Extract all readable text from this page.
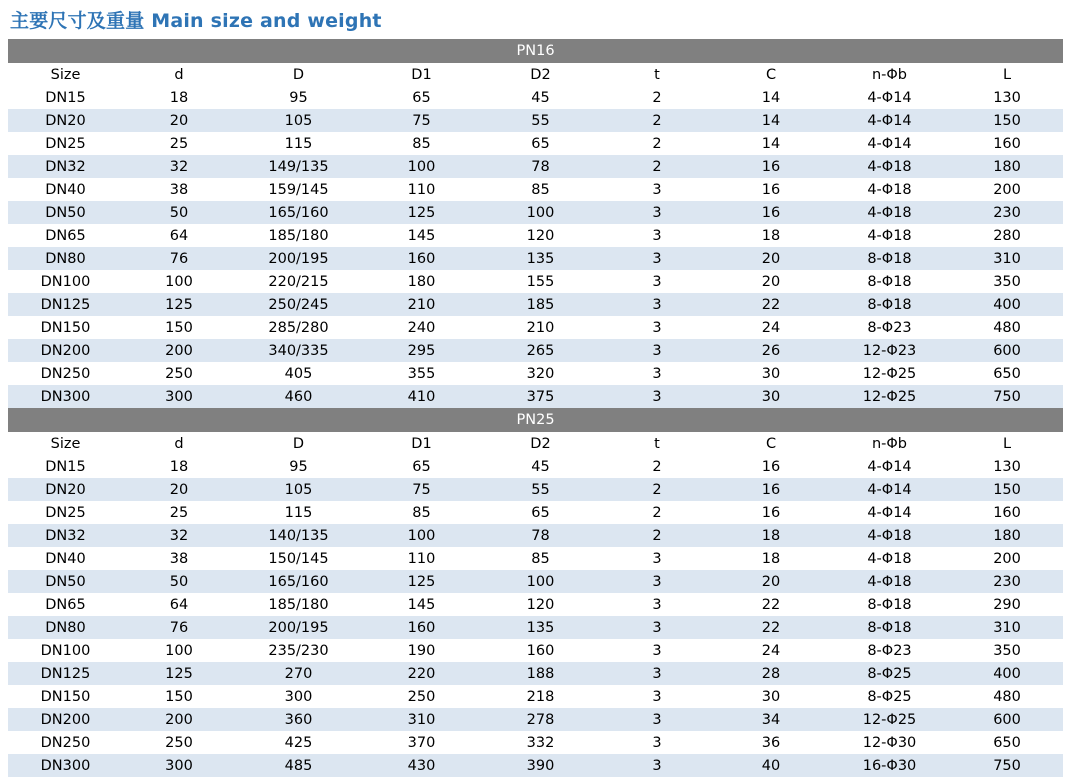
主要尺寸及重量 Main size and weight
PN16								
Size	d	D	D1	D2	t	C	n-Φb	L
DN15	18	95	65	45	2	14	4-Φ14	130
DN20	20	105	75	55	2	14	4-Φ14	150
DN25	25	115	85	65	2	14	4-Φ14	160
DN32	32	149/135	100	78	2	16	4-Φ18	180
DN40	38	159/145	110	85	3	16	4-Φ18	200
DN50	50	165/160	125	100	3	16	4-Φ18	230
DN65	64	185/180	145	120	3	18	4-Φ18	280
DN80	76	200/195	160	135	3	20	8-Φ18	310
DN100	100	220/215	180	155	3	20	8-Φ18	350
DN125	125	250/245	210	185	3	22	8-Φ18	400
DN150	150	285/280	240	210	3	24	8-Φ23	480
DN200	200	340/335	295	265	3	26	12-Φ23	600
DN250	250	405	355	320	3	30	12-Φ25	650
DN300	300	460	410	375	3	30	12-Φ25	750
PN25								
Size	d	D	D1	D2	t	C	n-Φb	L
DN15	18	95	65	45	2	16	4-Φ14	130
DN20	20	105	75	55	2	16	4-Φ14	150
DN25	25	115	85	65	2	16	4-Φ14	160
DN32	32	140/135	100	78	2	18	4-Φ18	180
DN40	38	150/145	110	85	3	18	4-Φ18	200
DN50	50	165/160	125	100	3	20	4-Φ18	230
DN65	64	185/180	145	120	3	22	8-Φ18	290
DN80	76	200/195	160	135	3	22	8-Φ18	310
DN100	100	235/230	190	160	3	24	8-Φ23	350
DN125	125	270	220	188	3	28	8-Φ25	400
DN150	150	300	250	218	3	30	8-Φ25	480
DN200	200	360	310	278	3	34	12-Φ25	600
DN250	250	425	370	332	3	36	12-Φ30	650
DN300	300	485	430	390	3	40	16-Φ30	750
